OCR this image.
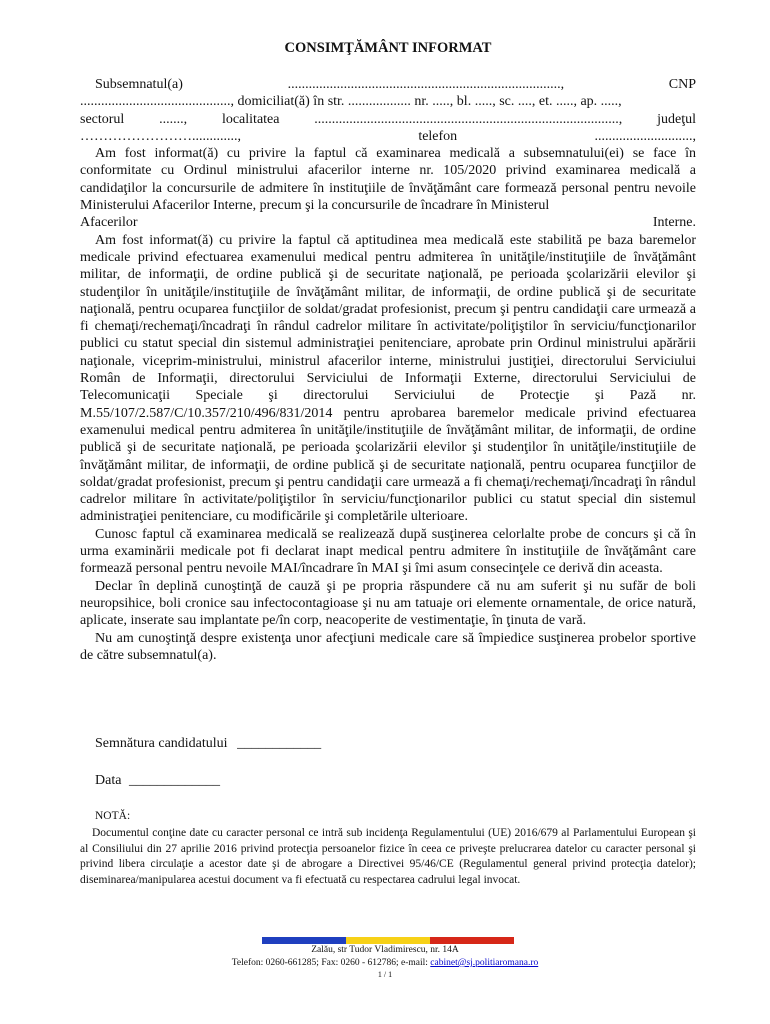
CONSIMŢĂMÂNT INFORMAT
Subsemnatul(a)	..............................................................................,	CNP
..........................................., domiciliat(ă) în str. .................. nr. ....., bl. ....., sc. ...., et. ....., ap. .....,
sectorul ......., localitatea ......................................................................................., judeţul
…………………….............,	telefon	............................,

Am fost informat(ă) cu privire la faptul că examinarea medicală a subsemnatului(ei) se face în conformitate cu Ordinul ministrului afacerilor interne nr. 105/2020 privind examinarea medicală a candidaţilor la concursurile de admitere în instituţiile de învăţământ care formează personal pentru nevoile Ministerului Afacerilor Interne, precum şi la concursurile de încadrare în Ministerul

Afacerilor	Interne.

Am fost informat(ă) cu privire la faptul că aptitudinea mea medicală este stabilită pe baza baremelor medicale privind efectuarea examenului medical pentru admiterea în unităţile/instituţiile de învăţământ militar, de informaţii, de ordine publică şi de securitate naţională, pe perioada şcolarizării elevilor şi studenţilor în unităţile/instituţiile de învăţământ militar, de informaţii, de ordine publică şi de securitate naţională, pentru ocuparea funcţiilor de soldat/gradat profesionist, precum şi pentru candidaţii care urmează a fi chemaţi/rechemaţi/încadraţi în rândul cadrelor militare în activitate/poliţiştilor în serviciu/funcţionarilor publici cu statut special din sistemul administraţiei penitenciare, aprobate prin Ordinul ministrului apărării naţionale, viceprim-ministrului, ministrul afacerilor interne, ministrului justiţiei, directorului Serviciului Român de Informaţii, directorului Serviciului de Informaţii Externe, directorului Serviciului de Telecomunicaţii Speciale şi directorului Serviciului de Protecţie şi Pază nr. M.55/107/2.587/C/10.357/210/496/831/2014 pentru aprobarea baremelor medicale privind efectuarea examenului medical pentru admiterea în unităţile/instituţiile de învăţământ militar, de informaţii, de ordine publică şi de securitate naţională, pe perioada şcolarizării elevilor şi studenţilor în unităţile/instituţiile de învăţământ militar, de informaţii, de ordine publică şi de securitate naţională, pentru ocuparea funcţiilor de soldat/gradat profesionist, precum şi pentru candidaţii care urmează a fi chemaţi/rechemaţi/încadraţi în rândul cadrelor militare în activitate/poliţiştilor în serviciu/funcţionarilor publici cu statut special din sistemul administraţiei penitenciare, cu modificările şi completările ulterioare.

Cunosc faptul că examinarea medicală se realizează după susţinerea celorlalte probe de concurs şi că în urma examinării medicale pot fi declarat inapt medical pentru admitere în instituţiile de învăţământ care formează personal pentru nevoile MAI/încadrare în MAI şi îmi asum consecinţele ce derivă din aceasta.

Declar în deplină cunoştinţă de cauză şi pe propria răspundere că nu am suferit şi nu sufăr de boli neuropsihice, boli cronice sau infectocontagioase şi nu am tatuaje ori elemente ornamentale, de orice natură, aplicate, inserate sau implantate pe/în corp, neacoperite de vestimentaţie, în ţinuta de vară.

Nu am cunoştinţă despre existenţa unor afecţiuni medicale care să împiedice susţinerea probelor sportive de către subsemnatul(a).

Semnătura candidatului ____________
Data _____________
NOTĂ:
Documentul conţine date cu caracter personal ce intră sub incidenţa Regulamentului (UE) 2016/679 al Parlamentului European şi al Consiliului din 27 aprilie 2016 privind protecţia persoanelor fizice în ceea ce priveşte prelucrarea datelor cu caracter personal şi privind libera circulaţie a acestor date şi de abrogare a Directivei 95/46/CE (Regulamentul general privind protecţia datelor); diseminarea/manipularea acestui document va fi efectuată cu respectarea cadrului legal invocat.
Zalău, str Tudor Vladimirescu, nr. 14A
Telefon: 0260-661285; Fax: 0260 - 612786; e-mail: cabinet@sj.politiaromana.ro
1 / 1
